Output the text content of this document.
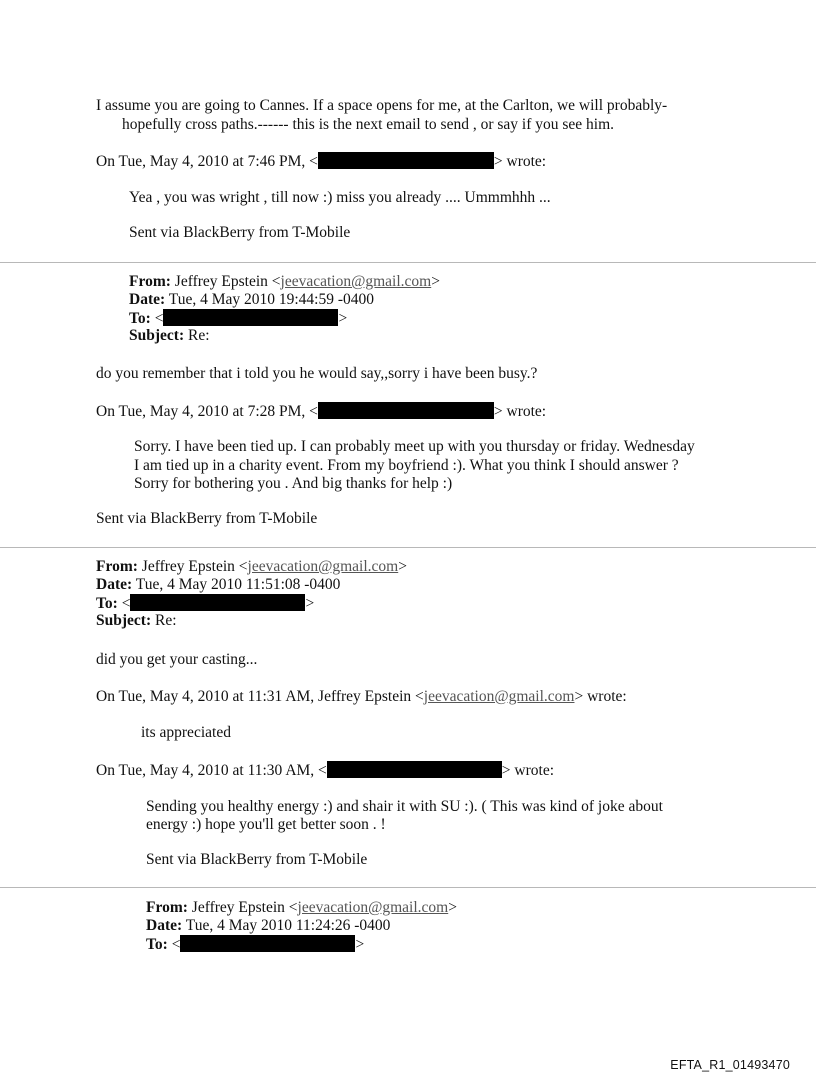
I assume you are going to Cannes. If a space opens for me, at the Carlton, we will probably-
hopefully cross paths.------ this is the next email to send , or say if you see him.
On Tue, May 4, 2010 at 7:46 PM, <	> wrote:
Yea , you was wright , till now :) miss you already .... Ummmhhh ...
Sent via BlackBerry from T-Mobile
From: Jeffrey Epstein <jeevacation@gmail.com>
Date: Tue, 4 May 2010 19:44:59 -0400
To: <	>
Subject: Re:
do you remember that i told you he would say,,sorry i have been busy.?
On Tue, May 4, 2010 at 7:28 PM, <	> wrote:
Sorry. I have been tied up. I can probably meet up with you thursday or friday. Wednesday
I am tied up in a charity event. From my boyfriend :). What you think I should answer ?
Sorry for bothering you . And big thanks for help :)
Sent via BlackBerry from T-Mobile
From: Jeffrey Epstein <jeevacation@gmail.com>
Date: Tue, 4 May 2010 11:51:08 -0400
To: <	>
Subject: Re:
did you get your casting...
On Tue, May 4, 2010 at 11:31 AM, Jeffrey Epstein <jeevacation@gmail.com> wrote:
its appreciated
On Tue, May 4, 2010 at 11:30 AM, <	> wrote:
Sending you healthy energy :) and shair it with SU :). ( This was kind of joke about
energy :) hope you'll get better soon . !
Sent via BlackBerry from T-Mobile
From: Jeffrey Epstein <jeevacation@gmail.com>
Date: Tue, 4 May 2010 11:24:26 -0400
To: <	>
EFTA_R1_01493470
